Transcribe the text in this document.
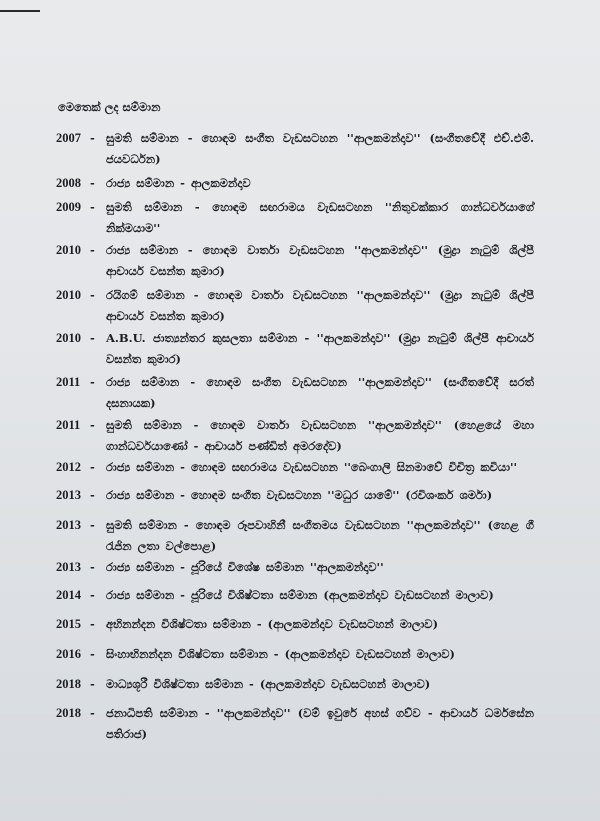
මෙතෙක් ලද සම්මාන
2007 - සුමති සම්මාන - හොඳම සංගීත වැඩසටහන ''ආලකමන්දාව'' (සංගීතවේදී එච්.එම්. ජයවර්ධන)
2008 - රාජ්‍ය සම්මාන - ආලකමන්දාව
2009 - සුමති සම්මාන - හොඳම සඟරාමය වැඩසටහන ''නිතුවක්කාර ගාන්ධර්වයාගේ නික්මයාම''
2010 - රාජ්‍ය සම්මාන - හොඳම වාර්තා වැඩසටහන ''ආලකමන්දාව'' (මුද්‍රා නැටුම් ශිල්පී ආචාර්ය වසන්ත කුමාර)
2010 - රයිගම් සම්මාන - හොඳම වාර්තා වැඩසටහන ''ආලකමන්දාව'' (මුද්‍රා නැටුම් ශිල්පී ආචාර්ය වසන්ත කුමාර)
2010 - A.B.U. ජාත්‍යන්තර කුසලතා සම්මාන - ''ආලකමන්දාව'' (මුද්‍රා නැටුම් ශිල්පී ආචාර්ය වසන්ත කුමාර)
2011 - රාජ්‍ය සම්මාන - හොඳම සංගීත වැඩසටහන ''ආලකමන්දාව'' (සංගීතවේදී සරත් දසනායක)
2011 - සුමති සම්මාන - හොඳම වාර්තා වැඩසටහන ''ආලකමන්දාව'' (හෙළයේ මහා ගාන්ධර්වයාණෝ - ආචාර්ය පණ්ඩිත් අමරදේව)
2012 - රාජ්‍ය සම්මාන - හොඳම සඟරාමය වැඩසටහන ''බෙංගාලි සිනමාවේ විචිත්‍ර කවියා''
2013 - රාජ්‍ය සම්මාන - හොඳම සංගීත වැඩසටහන ''මධුර යාමේ'' (රවිශංකර් ශර්මා)
2013 - සුමති සම්මාන - හොඳම රූපවාහිනී සංගීතමය වැඩසටහන ''ආලකමන්දාව'' (හෙළ ගී රැජින ලතා වල්පොළ)
2013 - රාජ්‍ය සම්මාන - ජූරියේ විශේෂ සම්මාන ''ආලකමන්දාව''
2014 - රාජ්‍ය සම්මාන - ජූරියේ විශිෂ්ටතා සම්මාන (ආලකමන්දාව වැඩසටහන් මාලාව)
2015 - අභිනන්දන විශිෂ්ටතා සම්මාන - (ආලකමන්දාව වැඩසටහන් මාලාව)
2016 - සිංහාභිනන්දන විශිෂ්ටතා සම්මාන - (ආලකමන්දාව වැඩසටහන් මාලාව)
2018 - මාධ්‍යශූරී විශිෂ්ටතා සම්මාන - (ආලකමන්දාව වැඩසටහන් මාලාව)
2018 - ජනාධිපති සම්මාන - ''ආලකමන්දාව'' (වම් ඉවුරේ අහස් ගව්ව - ආචාර්ය ධර්මසේන පතිරාජ)
